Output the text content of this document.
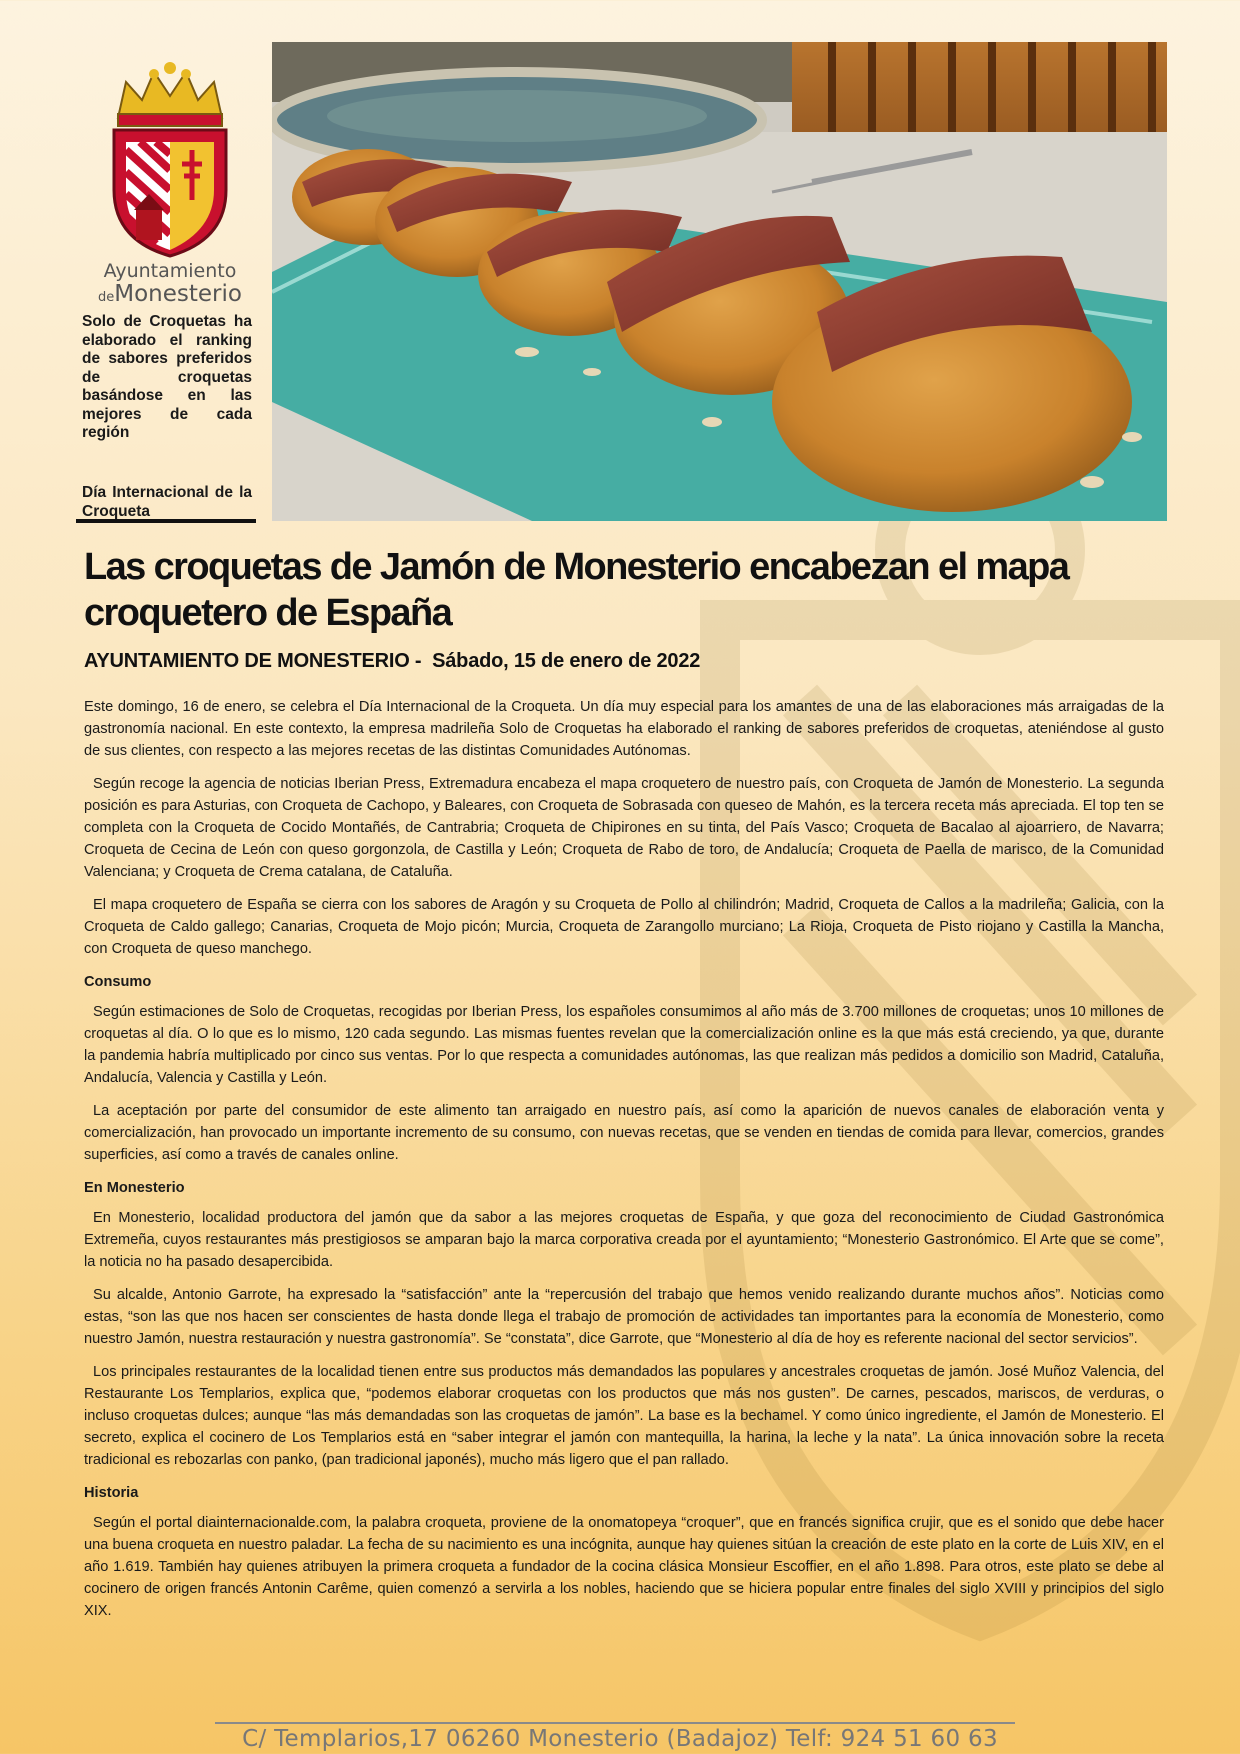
Ayuntamiento
deMonesterio
Solo de Croquetas ha elaborado el ranking de sabores preferidos de croquetas basándose en las mejores de cada región
Día Internacional de la Croqueta
Las croquetas de Jamón de Monesterio encabezan el mapa croquetero de España
AYUNTAMIENTO DE MONESTERIO - Sábado, 15 de enero de 2022

Este domingo, 16 de enero, se celebra el Día Internacional de la Croqueta. Un día muy especial para los amantes de una de las elaboraciones más arraigadas de la gastronomía nacional. En este contexto, la empresa madrileña Solo de Croquetas ha elaborado el ranking de sabores preferidos de croquetas, ateniéndose al gusto de sus clientes, con respecto a las mejores recetas de las distintas Comunidades Autónomas.

Según recoge la agencia de noticias Iberian Press, Extremadura encabeza el mapa croquetero de nuestro país, con Croqueta de Jamón de Monesterio. La segunda posición es para Asturias, con Croqueta de Cachopo, y Baleares, con Croqueta de Sobrasada con queseo de Mahón, es la tercera receta más apreciada. El top ten se completa con la Croqueta de Cocido Montañés, de Cantrabria; Croqueta de Chipirones en su tinta, del País Vasco; Croqueta de Bacalao al ajoarriero, de Navarra; Croqueta de Cecina de León con queso gorgonzola, de Castilla y León; Croqueta de Rabo de toro, de Andalucía; Croqueta de Paella de marisco, de la Comunidad Valenciana; y Croqueta de Crema catalana, de Cataluña.

El mapa croquetero de España se cierra con los sabores de Aragón y su Croqueta de Pollo al chilindrón; Madrid, Croqueta de Callos a la madrileña; Galicia, con la Croqueta de Caldo gallego; Canarias, Croqueta de Mojo picón; Murcia, Croqueta de Zarangollo murciano; La Rioja, Croqueta de Pisto riojano y Castilla la Mancha, con Croqueta de queso manchego.

Consumo

Según estimaciones de Solo de Croquetas, recogidas por Iberian Press, los españoles consumimos al año más de 3.700 millones de croquetas; unos 10 millones de croquetas al día. O lo que es lo mismo, 120 cada segundo. Las mismas fuentes revelan que la comercialización online es la que más está creciendo, ya que, durante la pandemia habría multiplicado por cinco sus ventas. Por lo que respecta a comunidades autónomas, las que realizan más pedidos a domicilio son Madrid, Cataluña, Andalucía, Valencia y Castilla y León.

La aceptación por parte del consumidor de este alimento tan arraigado en nuestro país, así como la aparición de nuevos canales de elaboración venta y comercialización, han provocado un importante incremento de su consumo, con nuevas recetas, que se venden en tiendas de comida para llevar, comercios, grandes superficies, así como a través de canales online.

En Monesterio

En Monesterio, localidad productora del jamón que da sabor a las mejores croquetas de España, y que goza del reconocimiento de Ciudad Gastronómica Extremeña, cuyos restaurantes más prestigiosos se amparan bajo la marca corporativa creada por el ayuntamiento; “Monesterio Gastronómico. El Arte que se come”, la noticia no ha pasado desapercibida.

Su alcalde, Antonio Garrote, ha expresado la “satisfacción” ante la “repercusión del trabajo que hemos venido realizando durante muchos años”. Noticias como estas, “son las que nos hacen ser conscientes de hasta donde llega el trabajo de promoción de actividades tan importantes para la economía de Monesterio, como nuestro Jamón, nuestra restauración y nuestra gastronomía”. Se “constata”, dice Garrote, que “Monesterio al día de hoy es referente nacional del sector servicios”.

Los principales restaurantes de la localidad tienen entre sus productos más demandados las populares y ancestrales croquetas de jamón. José Muñoz Valencia, del Restaurante Los Templarios, explica que, “podemos elaborar croquetas con los productos que más nos gusten”. De carnes, pescados, mariscos, de verduras, o incluso croquetas dulces; aunque “las más demandadas son las croquetas de jamón”. La base es la bechamel. Y como único ingrediente, el Jamón de Monesterio. El secreto, explica el cocinero de Los Templarios está en “saber integrar el jamón con mantequilla, la harina, la leche y la nata”. La única innovación sobre la receta tradicional es rebozarlas con panko, (pan tradicional japonés), mucho más ligero que el pan rallado.

Historia

Según el portal diainternacionalde.com, la palabra croqueta, proviene de la onomatopeya “croquer”, que en francés significa crujir, que es el sonido que debe hacer una buena croqueta en nuestro paladar. La fecha de su nacimiento es una incógnita, aunque hay quienes sitúan la creación de este plato en la corte de Luis XIV, en el año 1.619. También hay quienes atribuyen la primera croqueta a fundador de la cocina clásica Monsieur Escoffier, en el año 1.898. Para otros, este plato se debe al cocinero de origen francés Antonin Carême, quien comenzó a servirla a los nobles, haciendo que se hiciera popular entre finales del siglo XVIII y principios del siglo XIX.

C/ Templarios,17 06260 Monesterio (Badajoz) Telf: 924 51 60 63
